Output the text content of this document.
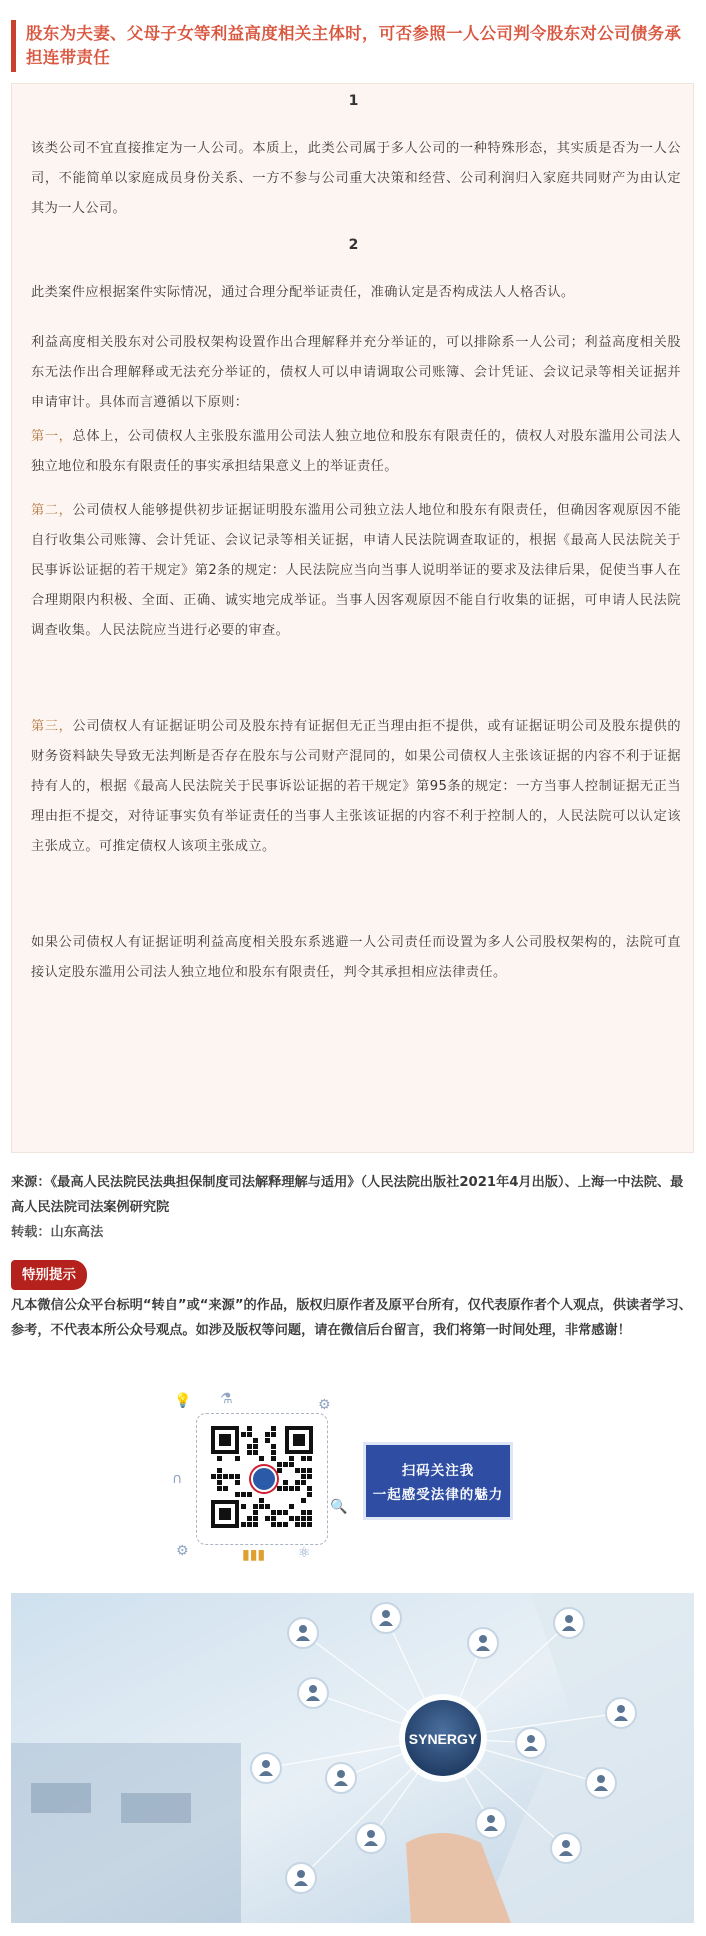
股东为夫妻、父母子女等利益高度相关主体时，可否参照一人公司判令股东对公司债务承担连带责任
1

该类公司不宜直接推定为一人公司。本质上，此类公司属于多人公司的一种特殊形态，其实质是否为一人公司，不能简单以家庭成员身份关系、一方不参与公司重大决策和经营、公司利润归入家庭共同财产为由认定其为一人公司。

2

此类案件应根据案件实际情况，通过合理分配举证责任，准确认定是否构成法人人格否认。

利益高度相关股东对公司股权架构设置作出合理解释并充分举证的，可以排除系一人公司；利益高度相关股东无法作出合理解释或无法充分举证的，债权人可以申请调取公司账簿、会计凭证、会议记录等相关证据并申请审计。具体而言遵循以下原则：

第一，总体上，公司债权人主张股东滥用公司法人独立地位和股东有限责任的，债权人对股东滥用公司法人独立地位和股东有限责任的事实承担结果意义上的举证责任。

第二，公司债权人能够提供初步证据证明股东滥用公司独立法人地位和股东有限责任，但确因客观原因不能自行收集公司账簿、会计凭证、会议记录等相关证据，申请人民法院调查取证的，根据《最高人民法院关于民事诉讼证据的若干规定》第2条的规定：人民法院应当向当事人说明举证的要求及法律后果，促使当事人在合理期限内积极、全面、正确、诚实地完成举证。当事人因客观原因不能自行收集的证据，可申请人民法院调查收集。人民法院应当进行必要的审查。

第三，公司债权人有证据证明公司及股东持有证据但无正当理由拒不提供，或有证据证明公司及股东提供的财务资料缺失导致无法判断是否存在股东与公司财产混同的，如果公司债权人主张该证据的内容不利于证据持有人的，根据《最高人民法院关于民事诉讼证据的若干规定》第95条的规定：一方当事人控制证据无正当理由拒不提交，对待证事实负有举证责任的当事人主张该证据的内容不利于控制人的，人民法院可以认定该主张成立。可推定债权人该项主张成立。

如果公司债权人有证据证明利益高度相关股东系逃避一人公司责任而设置为多人公司股权架构的，法院可直接认定股东滥用公司法人独立地位和股东有限责任，判令其承担相应法律责任。

来源：《最高人民法院民法典担保制度司法解释理解与适用》（人民法院出版社2021年4月出版）、上海一中法院、最高人民法院司法案例研究院
转载：山东高法
特别提示
凡本微信公众平台标明“转自”或“来源”的作品，版权归原作者及原平台所有，仅代表原作者个人观点，供读者学习、参考，不代表本所公众号观点。如涉及版权等问题，请在微信后台留言，我们将第一时间处理，非常感谢！
💡 ⚗	⚙
∩
🔍
⚙	▮▮▮ ⚛
扫码关注我
一起感受法律的魅力
SYNERGY
